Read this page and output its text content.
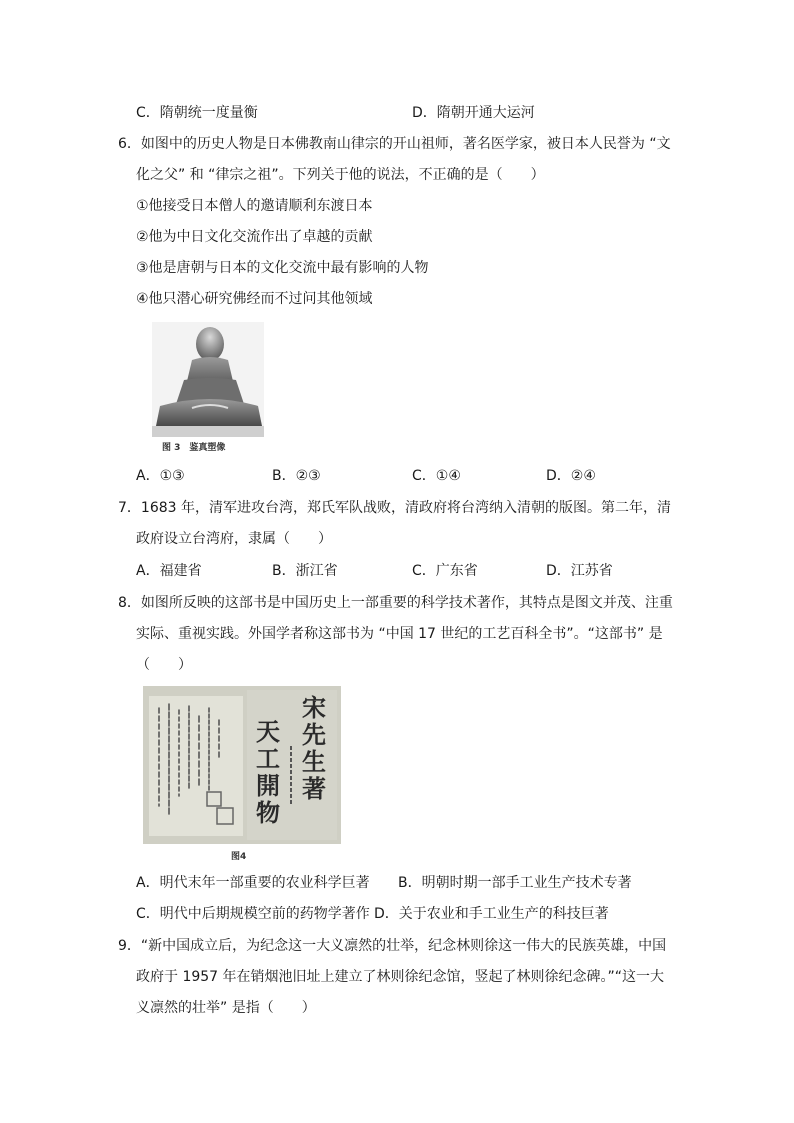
C．隋朝统一度量衡	D．隋朝开通大运河
6．如图中的历史人物是日本佛教南山律宗的开山祖师，著名医学家，被日本人民誉为 “文
化之父” 和 “律宗之祖”。下列关于他的说法，不正确的是（　　）
①他接受日本僧人的邀请顺利东渡日本
②他为中日文化交流作出了卓越的贡献
③他是唐朝与日本的文化交流中最有影响的人物
④他只潜心研究佛经而不过问其他领域
图 3　鉴真塑像
A．①③	B．②③	C．①④	D．②④
7．1683 年，清军进攻台湾，郑氏军队战败，清政府将台湾纳入清朝的版图。第二年，清
政府设立台湾府，隶属（　　）
A．福建省	B．浙江省	C．广东省	D．江苏省
8．如图所反映的这部书是中国历史上一部重要的科学技术著作，其特点是图文并茂、注重
实际、重视实践。外国学者称这部书为 “中国 17 世纪的工艺百科全书”。“这部书” 是
（　　）
宋
先
生
著
天
工
開
物
图4
A．明代末年一部重要的农业科学巨著 B．明朝时期一部手工业生产技术专著
C．明代中后期规模空前的药物学著作 D．关于农业和手工业生产的科技巨著
9．“新中国成立后，为纪念这一大义凛然的壮举，纪念林则徐这一伟大的民族英雄，中国
政府于 1957 年在销烟池旧址上建立了林则徐纪念馆，竖起了林则徐纪念碑。”“这一大
义凛然的壮举” 是指（　　）
